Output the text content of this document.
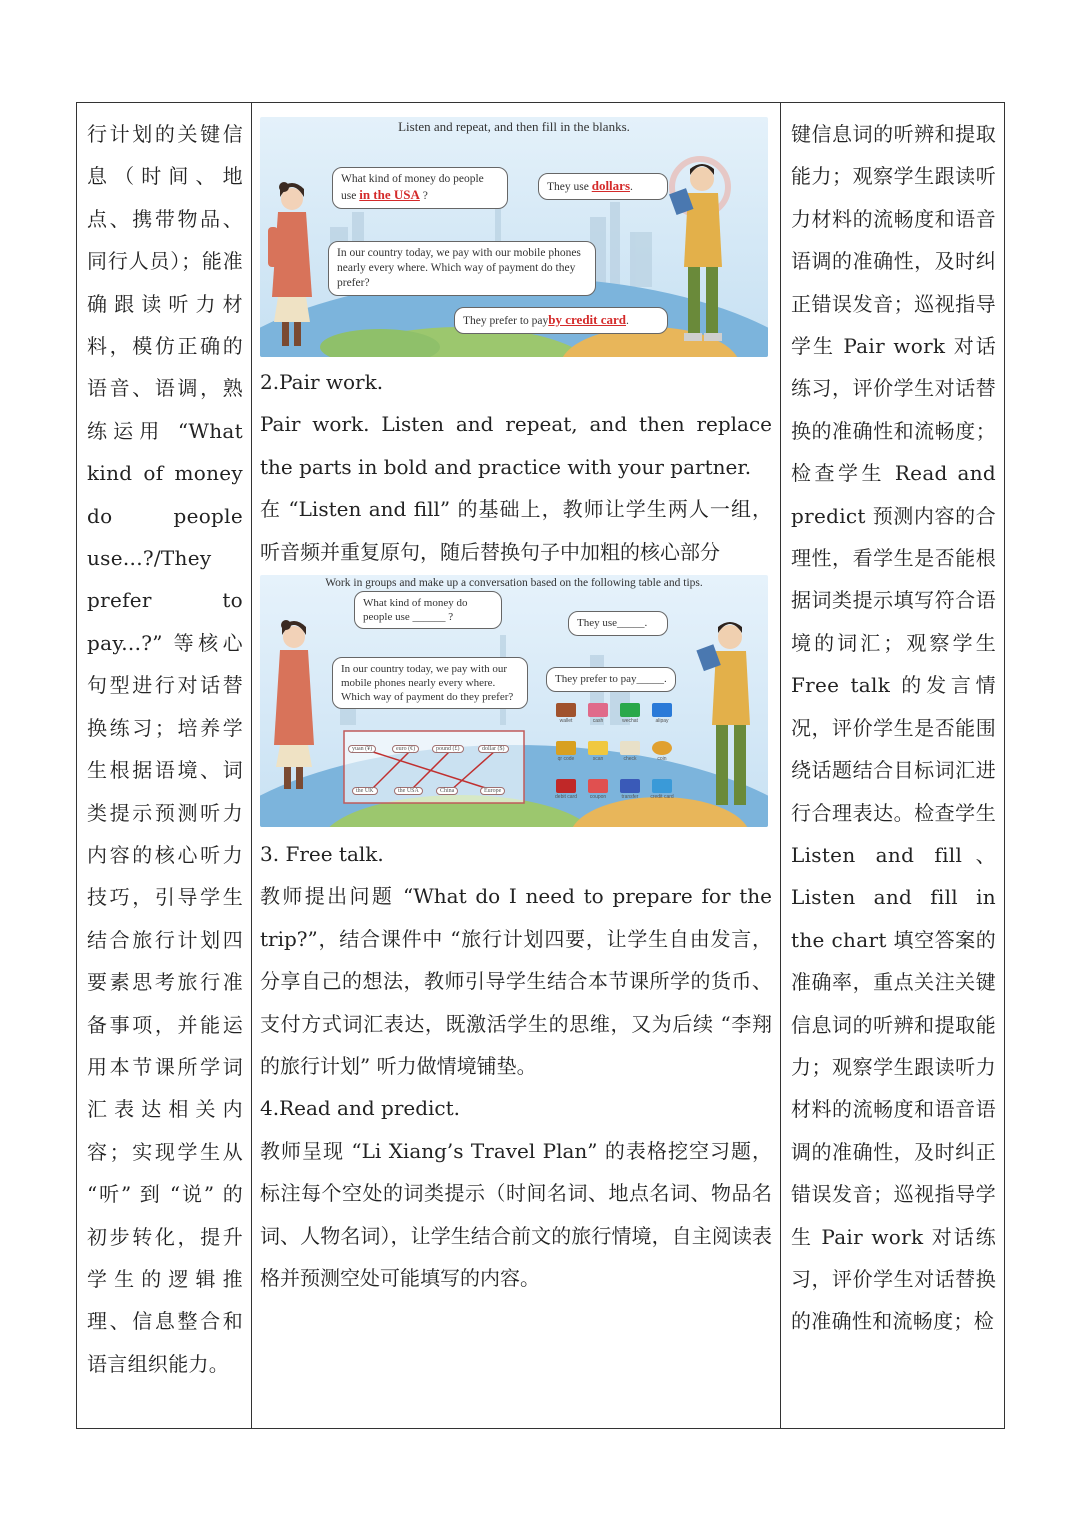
行计划的关键信息（时间、地点、携带物品、同行人员）；能准确跟读听力材料，模仿正确的语音、语调，熟练运用 “What kind of money do people use...?/They prefer to pay...?” 等核心句型进行对话替换练习；培养学生根据语境、词类提示预测听力内容的核心听力技巧，引导学生结合旅行计划四要素思考旅行准备事项，并能运用本节课所学词汇表达相关内容；实现学生从 “听” 到 “说” 的初步转化，提升学生的逻辑推理、信息整合和语言组织能力。

Listen and repeat, and then fill in the blanks.
What kind of money do people use in the USA ?
They use dollars.
In our country today, we pay with our mobile phones nearly every where. Which way of payment do they prefer?
They prefer to payby credit card.

2.Pair work.

Pair work. Listen and repeat, and then replace the parts in bold and practice with your partner.

在 “Listen and fill” 的基础上，教师让学生两人一组，听音频并重复原句，随后替换句子中加粗的核心部分

Work in groups and make up a conversation based on the following table and tips.
What kind of money do people use ______ ?	They use_____.
In our country today, we pay with our mobile phones nearly every where. Which way of payment do they prefer?
They prefer to pay_____.
yuan (¥)	euro (€)	pound (£)	dollar ($)
the UK	the USA	China	Europe
wallet	cash	wechat	alipay
qr code	scan	check	coin
debit card	coupon	transfer	credit card

3. Free talk.

教师提出问题 “What do I need to prepare for the trip?”，结合课件中 “旅行计划四要，让学生自由发言，分享自己的想法，教师引导学生结合本节课所学的货币、支付方式词汇表达，既激活学生的思维，又为后续 “李翔的旅行计划” 听力做情境铺垫。

4.Read and predict.

教师呈现 “Li Xiang’s Travel Plan” 的表格挖空习题，标注每个空处的词类提示（时间名词、地点名词、物品名词、人物名词），让学生结合前文的旅行情境，自主阅读表格并预测空处可能填写的内容。

键信息词的听辨和提取能力；观察学生跟读听力材料的流畅度和语音语调的准确性，及时纠正错误发音；巡视指导学生 Pair work 对话练习，评价学生对话替换的准确性和流畅度；检查学生 Read and predict 预测内容的合理性，看学生是否能根据词类提示填写符合语境的词汇；观察学生 Free talk 的发言情况，评价学生是否能围绕话题结合目标词汇进行合理表达。检查学生 Listen and fill、Listen and fill in the chart 填空答案的准确率，重点关注关键信息词的听辨和提取能力；观察学生跟读听力材料的流畅度和语音语调的准确性，及时纠正错误发音；巡视指导学生 Pair work 对话练习，评价学生对话替换的准确性和流畅度；检
